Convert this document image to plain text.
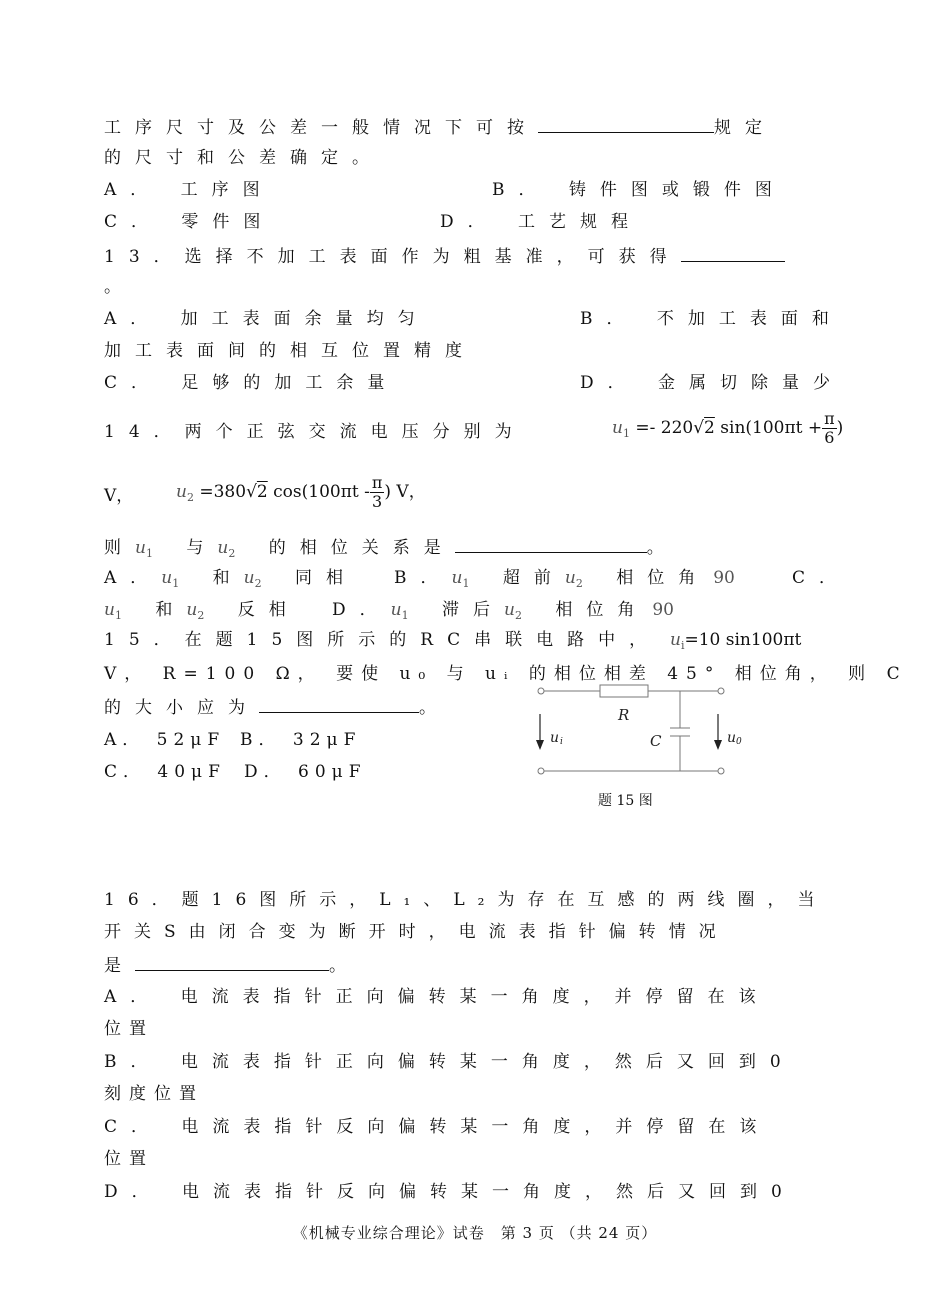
工序尺寸及公差一般情况下可按	规定
的尺寸和公差确定。
A． 工序图	B． 铸件图或锻件图
C． 零件图	D． 工艺规程
13．选择不加工表面作为粗基准，可获得
。
A． 加工表面余量均匀	B． 不加工表面和
加工表面间的相互位置精度
C． 足够的加工余量	D． 金属切除量少
14．两个正弦交流电压分别为	$u_1 =- 220√2$ $\sin(100\pi t + \frac{\pi}{6}$ )
V，	$u_2 =380√2$ $\cos(100\pi t - \frac{\pi}{3}$ ) V，
则$u_1$ 与$u_2$ 的相位关系是	。
A．$u_1$ 和$u_2$ 同相 B．$u_1$ 超前$u_2$ 相位角 90	C．
$u_1$ 和$u_2$ 反相 D．$u_1$ 滞后$u_2$ 相位角 90
15．在题15图所示的RC串联电路中， $u_i=10$ sin100πt
V， R=100 Ω， 要使 u₀ 与 uᵢ 的相位相差 45° 相位角， 则 C
的大小应为	。
A． 52μF B． 32μF
C． 40μF D． 60μF
R
C
u i	u 0
题 15 图
16．题16图所示，L₁、L₂为存在互感的两线圈，当
开关S由闭合变为断开时，电流表指针偏转情况
是	。
A． 电流表指针正向偏转某一角度，并停留在该
位置
B． 电流表指针正向偏转某一角度，然后又回到0
刻度位置
C． 电流表指针反向偏转某一角度，并停留在该
位置
D． 电流表指针反向偏转某一角度，然后又回到0
《机械专业综合理论》试卷　第 3 页 （共 24 页）
